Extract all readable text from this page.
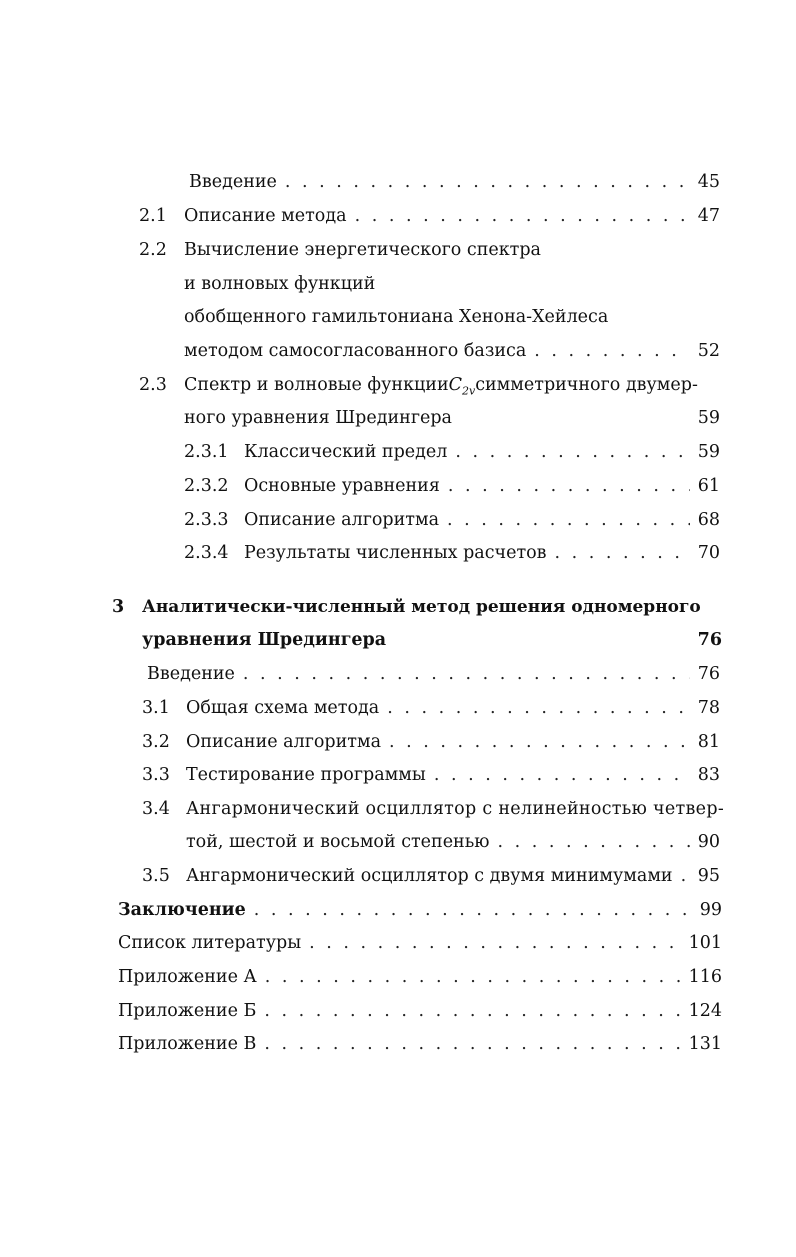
Введение . . .	45
2.1 Описание метода . . .	47
2.2 Вычисление энергетического спектра
и волновых функций
обобщенного гамильтониана Хенона-Хейлеса
методом самосогласованного базиса . . .	52
2.3 Спектр и волновые функции $C_{2v}$ симметричного двумер-
ного уравнения Шредингера	59
2.3.1 Классический предел . . .	59
2.3.2 Основные уравнения . . .	61
2.3.3 Описание алгоритма . . .	68
2.3.4 Результаты численных расчетов . . .	70
3 Аналитически-численный метод решения одномерного
уравнения Шредингера	76
Введение . . .	76
3.1 Общая схема метода . . .	78
3.2 Описание алгоритма . . .	81
3.3 Тестирование программы . . .	83
3.4 Ангармонический осциллятор с нелинейностью четвер-
той, шестой и восьмой степенью . . .	90
3.5 Ангармонический осциллятор с двумя минимумами . . .	95
Заключение . . .	99
Список литературы . . .	101
Приложение А . . .	116
Приложение Б . . .	124
Приложение В . . .	131
